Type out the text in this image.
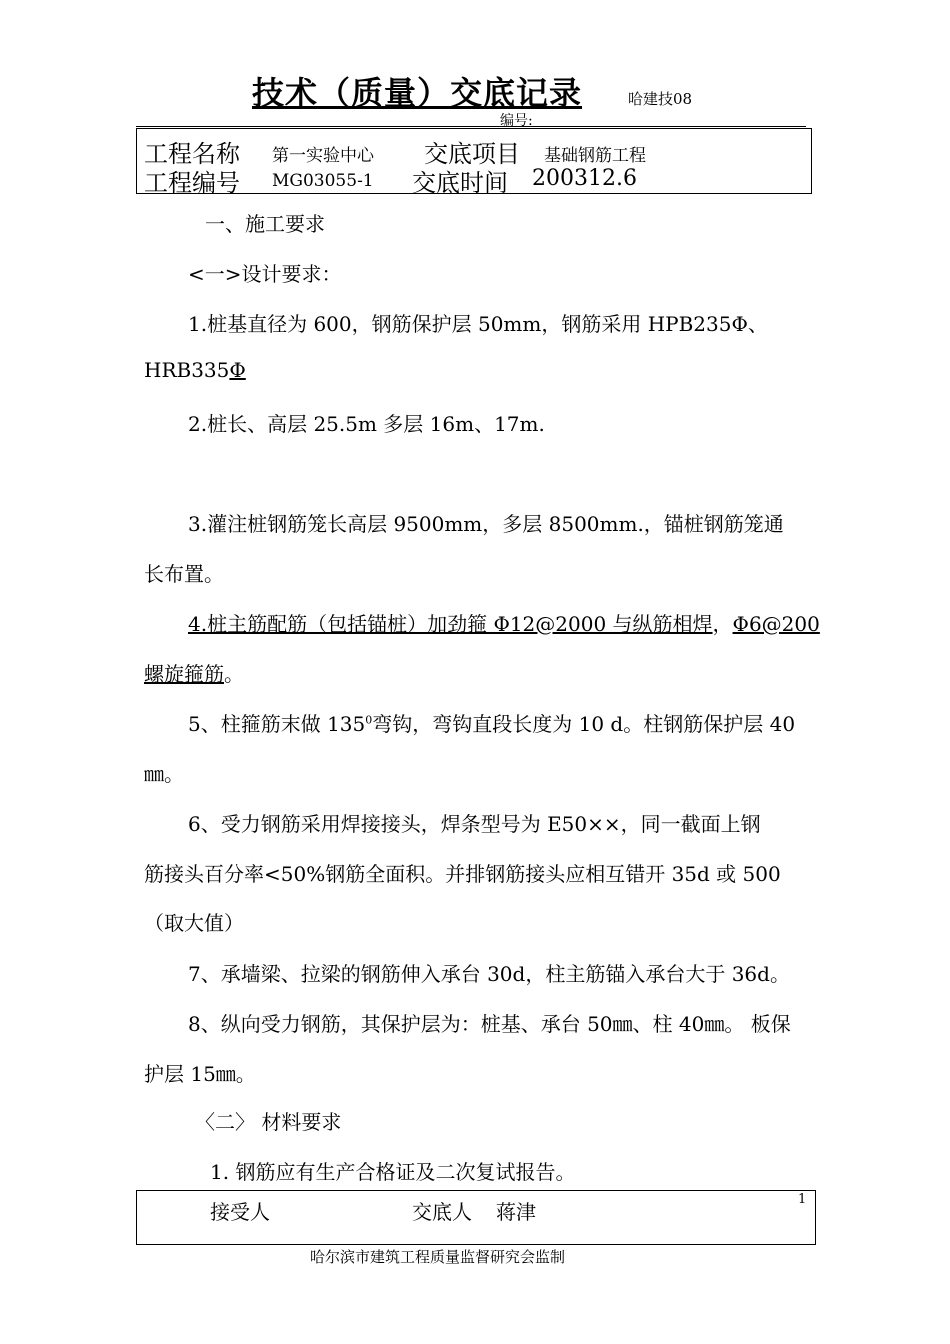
技术（质量）交底记录	哈建技08
编号:
工程名称 第一实验中心 交底项目 基础钢筋工程
工程编号 MG03055-1 交底时间 200312.6
一、施工要求
<一>设计要求：
1.桩基直径为 600，钢筋保护层 50mm，钢筋采用 HPB235Φ、
HRB335Φ
2.桩长、高层 25.5m 多层 16m、17m.
3.灌注桩钢筋笼长高层 9500mm，多层 8500mm.，锚桩钢筋笼通
长布置。
4.桩主筋配筋（包括锚桩）加劲箍 Φ12@2000 与纵筋相焊，Φ6@200
螺旋箍筋。
5、柱箍筋末做 $135^0$弯钩，弯钩直段长度为 10 d。柱钢筋保护层 40
㎜。
6、受力钢筋采用焊接接头，焊条型号为 E50××，同一截面上钢
筋接头百分率<50%钢筋全面积。并排钢筋接头应相互错开 35d 或 500
（取大值）
7、承墙梁、拉梁的钢筋伸入承台 30d，柱主筋锚入承台大于 36d。
8、纵向受力钢筋，其保护层为：桩基、承台 50㎜、柱 40㎜。 板保
护层 15㎜。
〈二〉 材料要求
1. 钢筋应有生产合格证及二次复试报告。
接受人	交底人 蒋津
1
哈尔滨市建筑工程质量监督研究会监制
